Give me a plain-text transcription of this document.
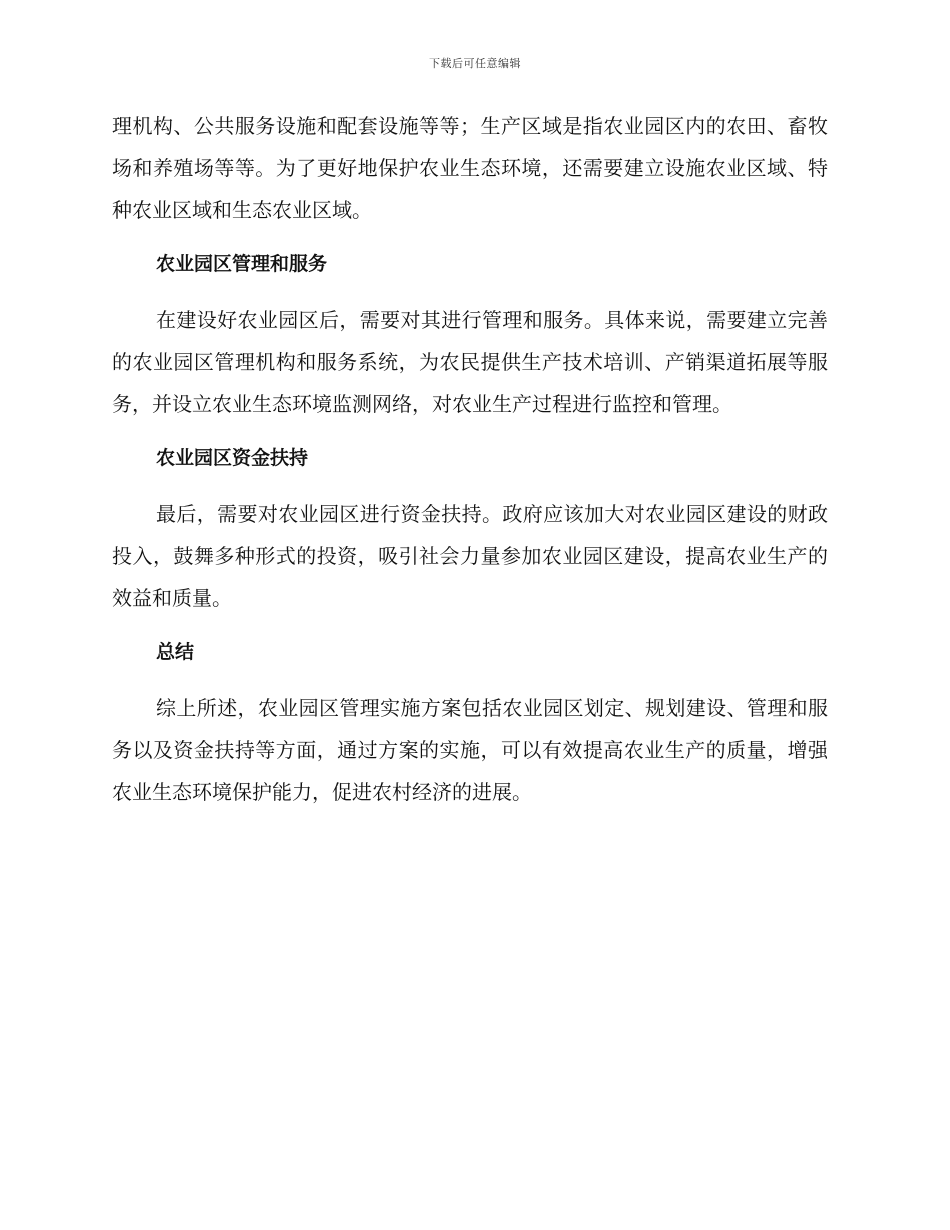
下载后可任意编辑

理机构、公共服务设施和配套设施等等；生产区域是指农业园区内的农田、畜牧场和养殖场等等。为了更好地保护农业生态环境，还需要建立设施农业区域、特种农业区域和生态农业区域。

农业园区管理和服务

在建设好农业园区后，需要对其进行管理和服务。具体来说，需要建立完善的农业园区管理机构和服务系统，为农民提供生产技术培训、产销渠道拓展等服务，并设立农业生态环境监测网络，对农业生产过程进行监控和管理。

农业园区资金扶持

最后，需要对农业园区进行资金扶持。政府应该加大对农业园区建设的财政投入，鼓舞多种形式的投资，吸引社会力量参加农业园区建设，提高农业生产的效益和质量。

总结

综上所述，农业园区管理实施方案包括农业园区划定、规划建设、管理和服务以及资金扶持等方面，通过方案的实施，可以有效提高农业生产的质量，增强农业生态环境保护能力，促进农村经济的进展。
